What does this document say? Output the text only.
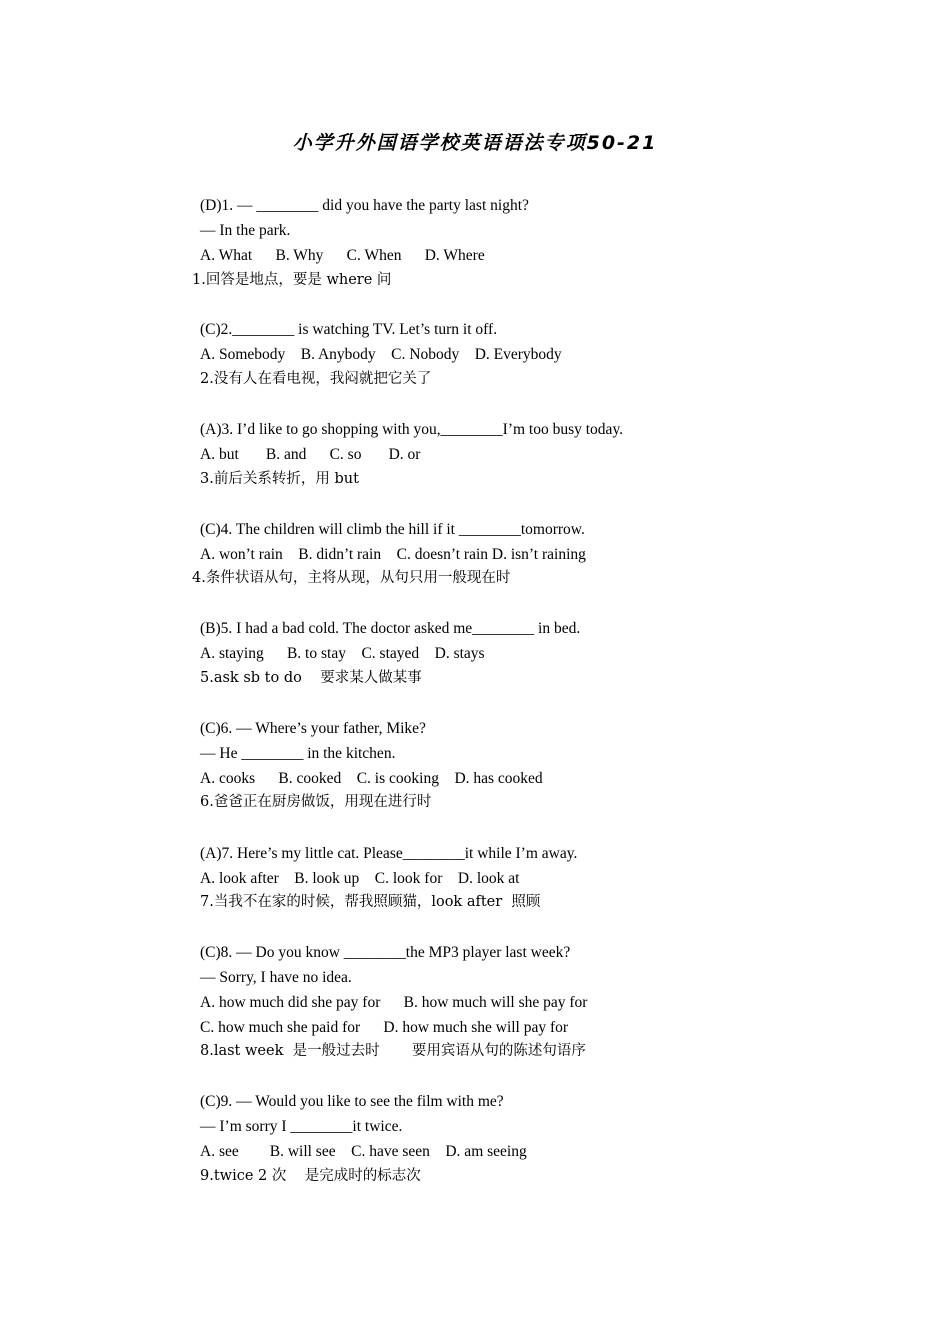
小学升外国语学校英语语法专项50-21
(D)1. — ________ did you have the party last night?
— In the park.
A. What      B. Why      C. When      D. Where
1.回答是地点，要是 where 问
(C)2.________ is watching TV. Let’s turn it off.
A. Somebody    B. Anybody    C. Nobody    D. Everybody
2.没有人在看电视，我闷就把它关了
(A)3. I’d like to go shopping with you,________I’m too busy today.
A. but       B. and      C. so       D. or
3.前后关系转折，用 but
(C)4. The children will climb the hill if it ________tomorrow.
A. won’t rain    B. didn’t rain    C. doesn’t rain D. isn’t raining
4.条件状语从句，主将从现，从句只用一般现在时
(B)5. I had a bad cold. The doctor asked me________ in bed.
A. staying      B. to stay    C. stayed    D. stays
5.ask sb to do    要求某人做某事
(C)6. — Where’s your father, Mike?
— He ________ in the kitchen.
A. cooks      B. cooked    C. is cooking    D. has cooked
6.爸爸正在厨房做饭，用现在进行时
(A)7. Here’s my little cat. Please________it while I’m away.
A. look after    B. look up    C. look for    D. look at
7.当我不在家的时候，帮我照顾猫，look after  照顾
(C)8. — Do you know ________the MP3 player last week?
— Sorry, I have no idea.
A. how much did she pay for      B. how much will she pay for
C. how much she paid for      D. how much she will pay for
8.last week  是一般过去时       要用宾语从句的陈述句语序
(C)9. — Would you like to see the film with me?
— I’m sorry I ________it twice.
A. see        B. will see    C. have seen    D. am seeing
9.twice 2 次    是完成时的标志次
